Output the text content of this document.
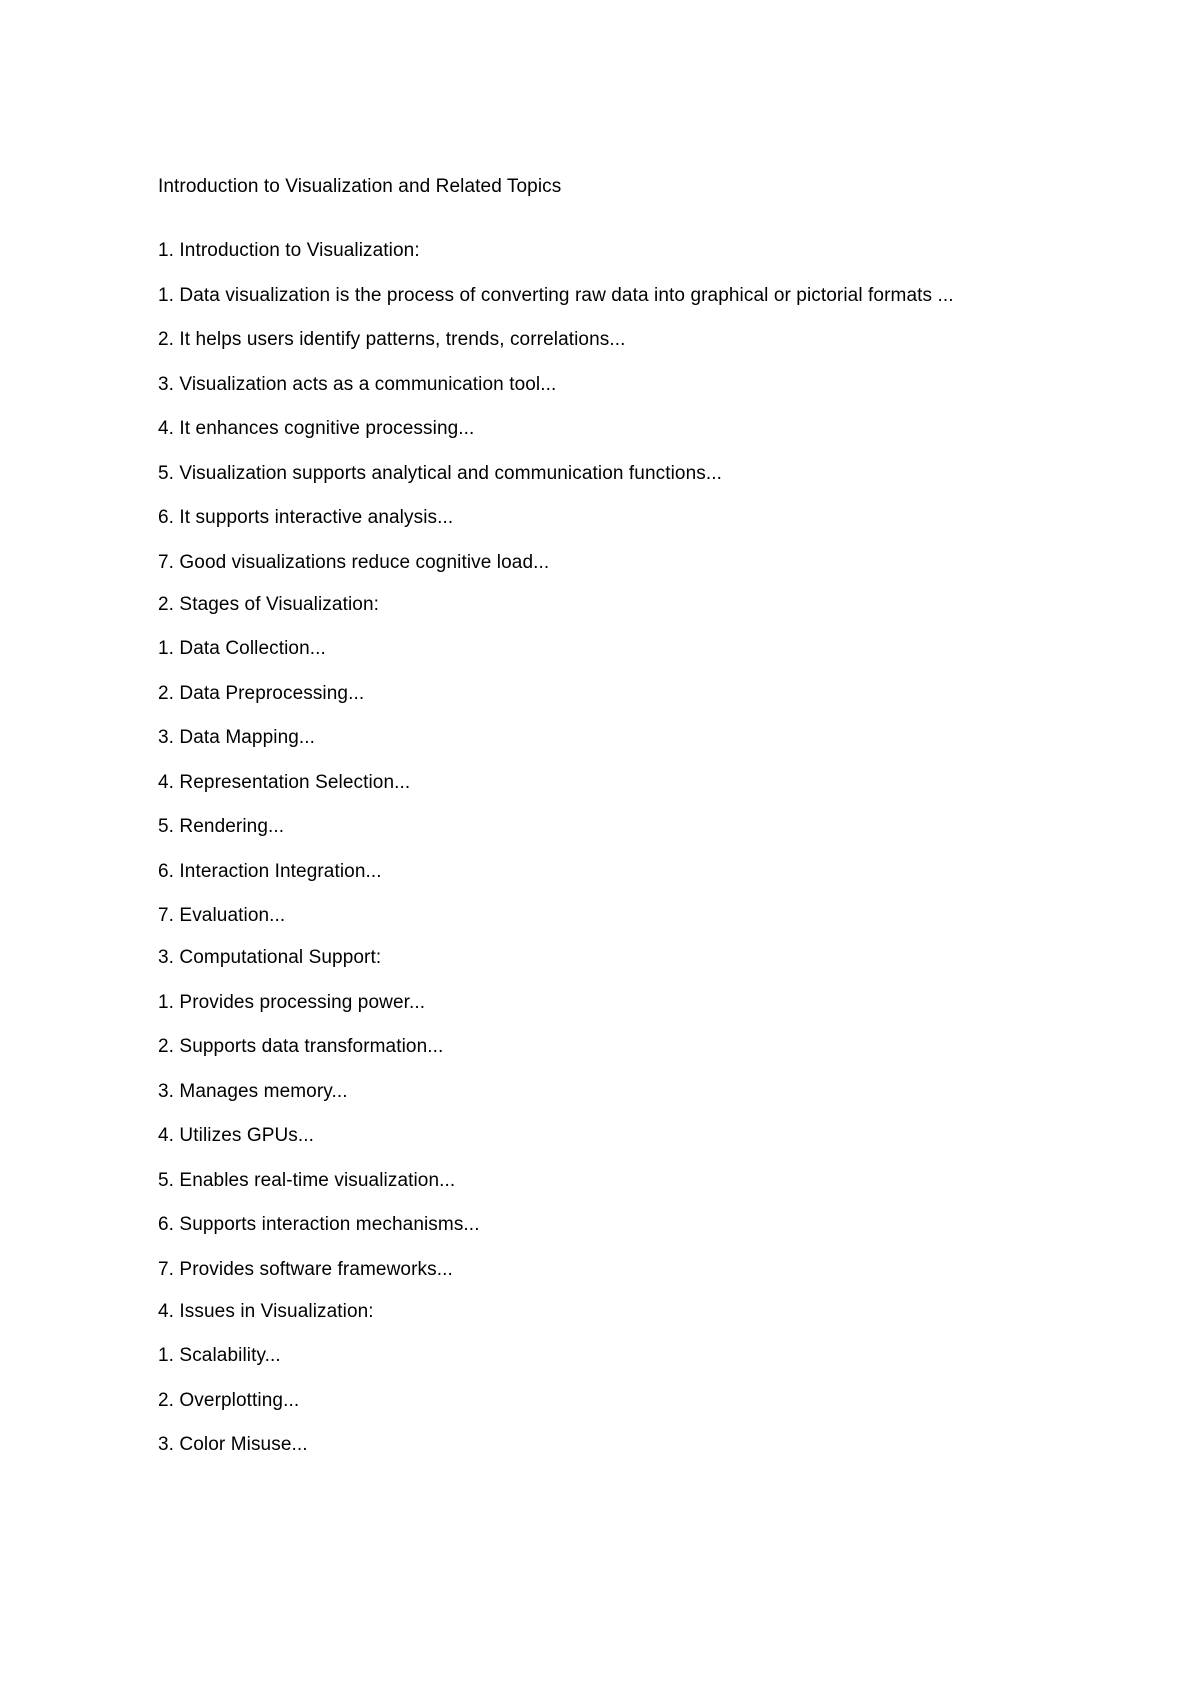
Introduction to Visualization and Related Topics
1. Introduction to Visualization:
1. Data visualization is the process of converting raw data into graphical or pictorial formats ...
2. It helps users identify patterns, trends, correlations...
3. Visualization acts as a communication tool...
4. It enhances cognitive processing...
5. Visualization supports analytical and communication functions...
6. It supports interactive analysis...
7. Good visualizations reduce cognitive load...
2. Stages of Visualization:
1. Data Collection...
2. Data Preprocessing...
3. Data Mapping...
4. Representation Selection...
5. Rendering...
6. Interaction Integration...
7. Evaluation...
3. Computational Support:
1. Provides processing power...
2. Supports data transformation...
3. Manages memory...
4. Utilizes GPUs...
5. Enables real-time visualization...
6. Supports interaction mechanisms...
7. Provides software frameworks...
4. Issues in Visualization:
1. Scalability...
2. Overplotting...
3. Color Misuse...
